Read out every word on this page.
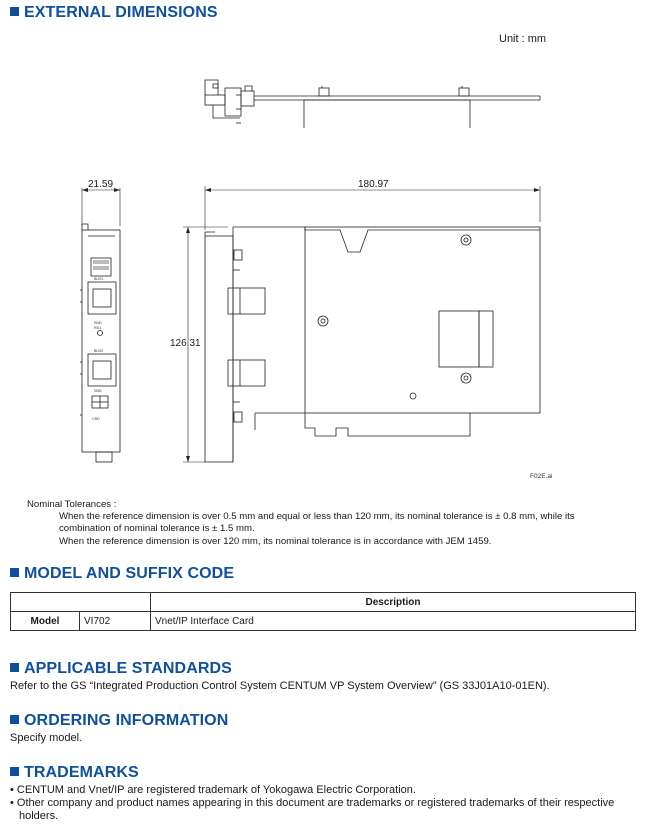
EXTERNAL DIMENSIONS
Unit : mm
BUS1
SND
RD1
BUS2
SND
CRD
21.59	180.97
126.31
F02E.ai
Nominal Tolerances :
When the reference dimension is over 0.5 mm and equal or less than 120 mm, its nominal tolerance is ± 0.8 mm, while its
combination of nominal tolerance is ± 1.5 mm.
When the reference dimension is over 120 mm, its nominal tolerance is in accordance with JEM 1459.
MODEL AND SUFFIX CODE
		Description
Model	VI702	Vnet/IP Interface Card
APPLICABLE STANDARDS
Refer to the GS “Integrated Production Control System CENTUM VP System Overview” (GS 33J01A10-01EN).
ORDERING INFORMATION
Specify model.
TRADEMARKS
• CENTUM and Vnet/IP are registered trademark of Yokogawa Electric Corporation.
• Other company and product names appearing in this document are trademarks or registered trademarks of their respective holders.
